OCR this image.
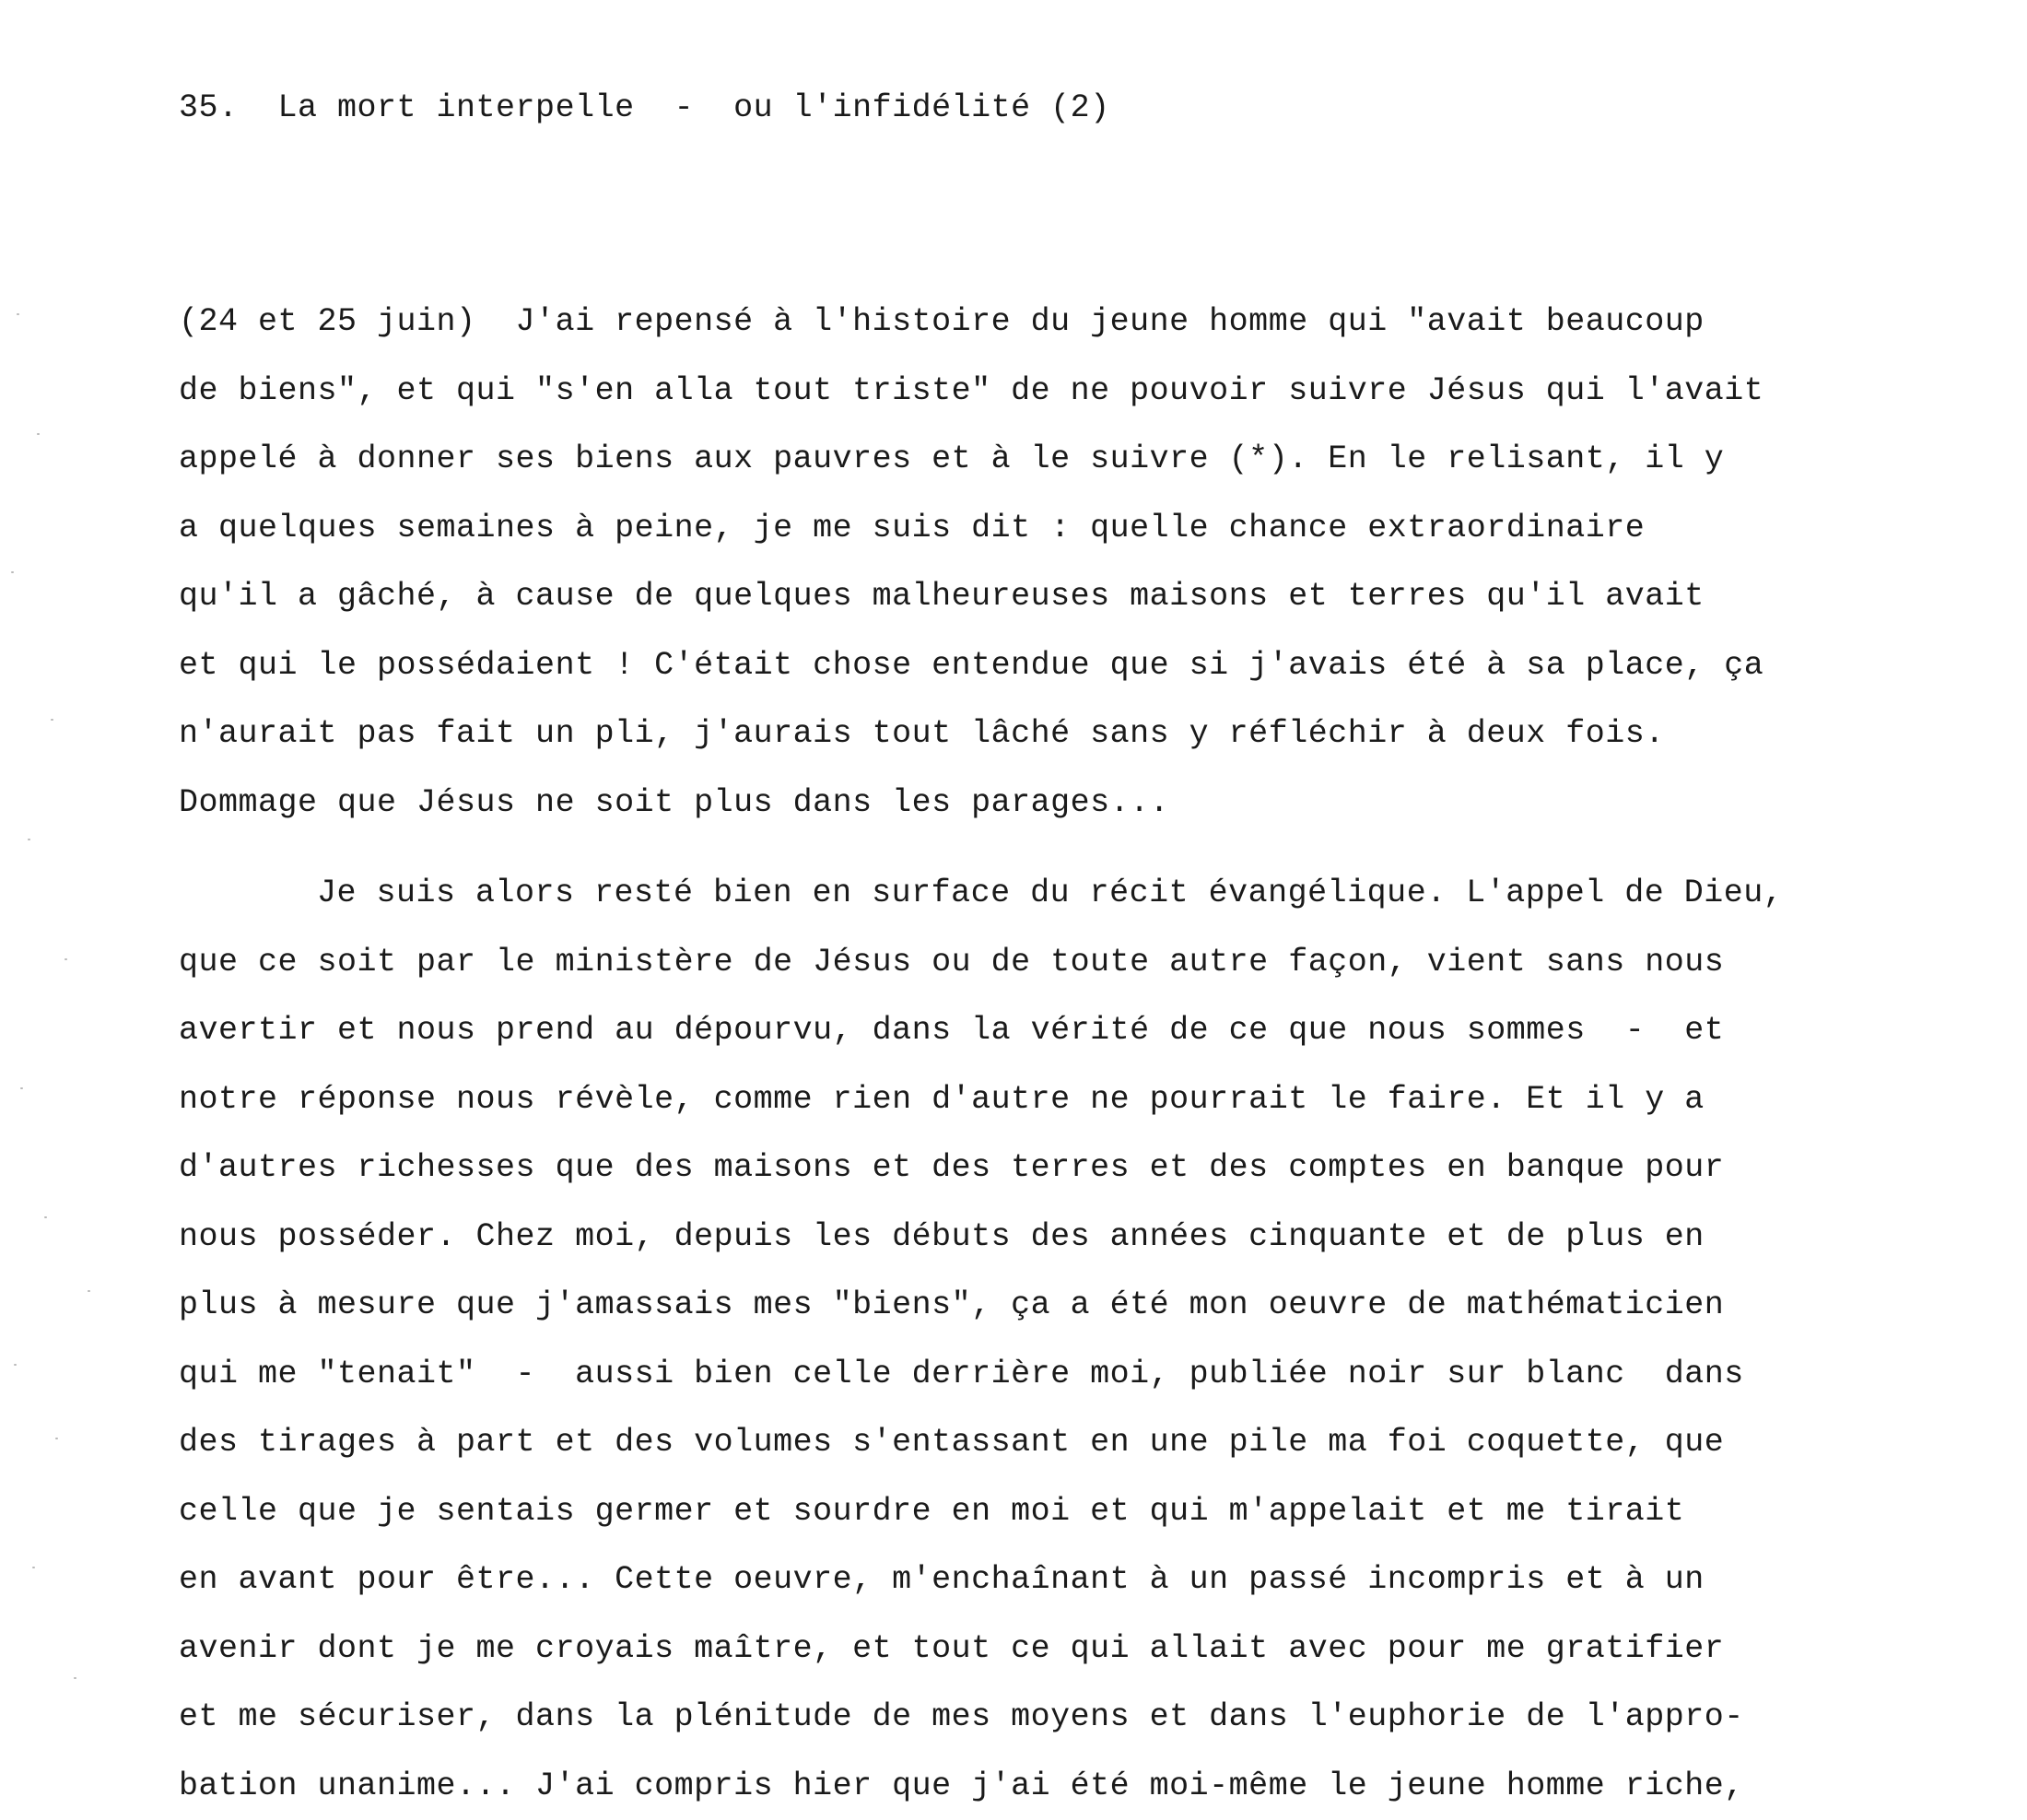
35.  La mort interpelle  -  ou l'infidélité (2)
(24 et 25 juin)  J'ai repensé à l'histoire du jeune homme qui "avait beaucoup
de biens", et qui "s'en alla tout triste" de ne pouvoir suivre Jésus qui l'avait
appelé à donner ses biens aux pauvres et à le suivre (*). En le relisant, il y
a quelques semaines à peine, je me suis dit : quelle chance extraordinaire
qu'il a gâché, à cause de quelques malheureuses maisons et terres qu'il avait
et qui le possédaient ! C'était chose entendue que si j'avais été à sa place, ça
n'aurait pas fait un pli, j'aurais tout lâché sans y réfléchir à deux fois.
Dommage que Jésus ne soit plus dans les parages...
Je suis alors resté bien en surface du récit évangélique. L'appel de Dieu,
que ce soit par le ministère de Jésus ou de toute autre façon, vient sans nous
avertir et nous prend au dépourvu, dans la vérité de ce que nous sommes  -  et
notre réponse nous révèle, comme rien d'autre ne pourrait le faire. Et il y a
d'autres richesses que des maisons et des terres et des comptes en banque pour
nous posséder. Chez moi, depuis les débuts des années cinquante et de plus en
plus à mesure que j'amassais mes "biens", ça a été mon oeuvre de mathématicien
qui me "tenait"  -  aussi bien celle derrière moi, publiée noir sur blanc  dans
des tirages à part et des volumes s'entassant en une pile ma foi coquette, que
celle que je sentais germer et sourdre en moi et qui m'appelait et me tirait
en avant pour être... Cette oeuvre, m'enchaînant à un passé incompris et à un
avenir dont je me croyais maître, et tout ce qui allait avec pour me gratifier
et me sécuriser, dans la plénitude de mes moyens et dans l'euphorie de l'appro-
bation unanime... J'ai compris hier que j'ai été moi-même le jeune homme riche,
